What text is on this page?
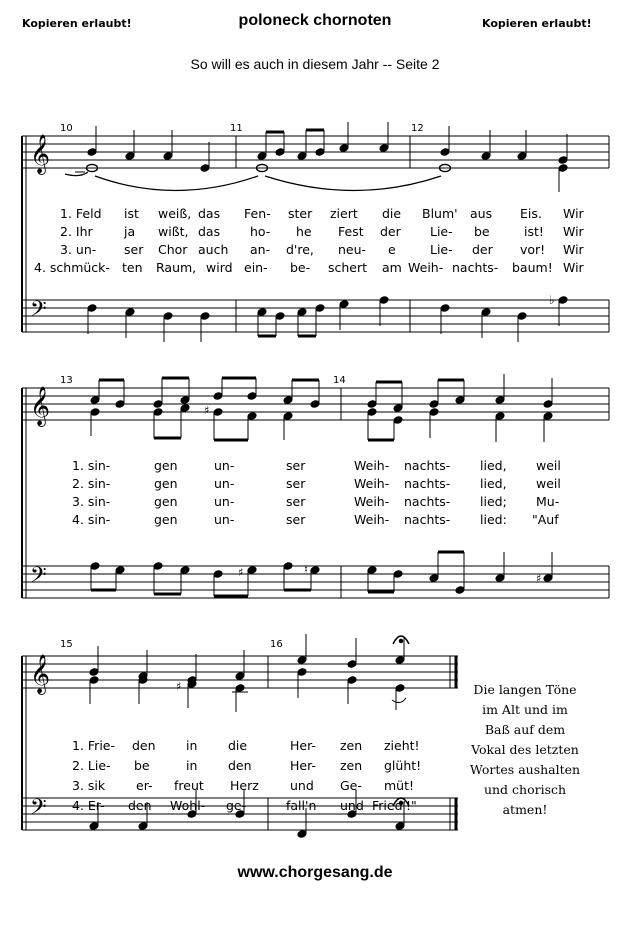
Kopieren erlaubt!	poloneck chornoten	Kopieren erlaubt!
So will es auch in diesem Jahr -- Seite 2
𝄞
𝄢	♭
𝄞
𝄢
♯
♯	♮
♯
𝄞
𝄢
♯
10	11	12
13	14
15	16
1. Feld ist weiß, das Fen- ster ziert die Blum' aus Eis. Wir
2. Ihr	ja wißt, das ho- he Fest der Lie- be	ist! Wir
3. un- ser Chor auch an- d're, neu- e	Lie- der vor! Wir
4. schmück- ten Raum, wird ein- be- schert am Weih- nachts- baum! Wir
1. sin-	gen	un-	ser	Weih- nachts- lied, weil
2. sin-	gen	un-	ser	Weih- nachts- lied, weil
3. sin-	gen	un-	ser	Weih- nachts- lied; Mu-
4. sin-	gen	un-	ser	Weih- nachts- lied: "Auf
1. Frie- den in die	Her- zen zieht!
2. Lie- be	in den	Her- zen glüht!
3. sik er- freut Herz und Ge- müt!
4. Er- den Wohl- ge-	fall'n und Fried'!"
Die langen Töne
im Alt und im
Baß auf dem
Vokal des letzten
Wortes aushalten
und chorisch
atmen!
www.chorgesang.de
